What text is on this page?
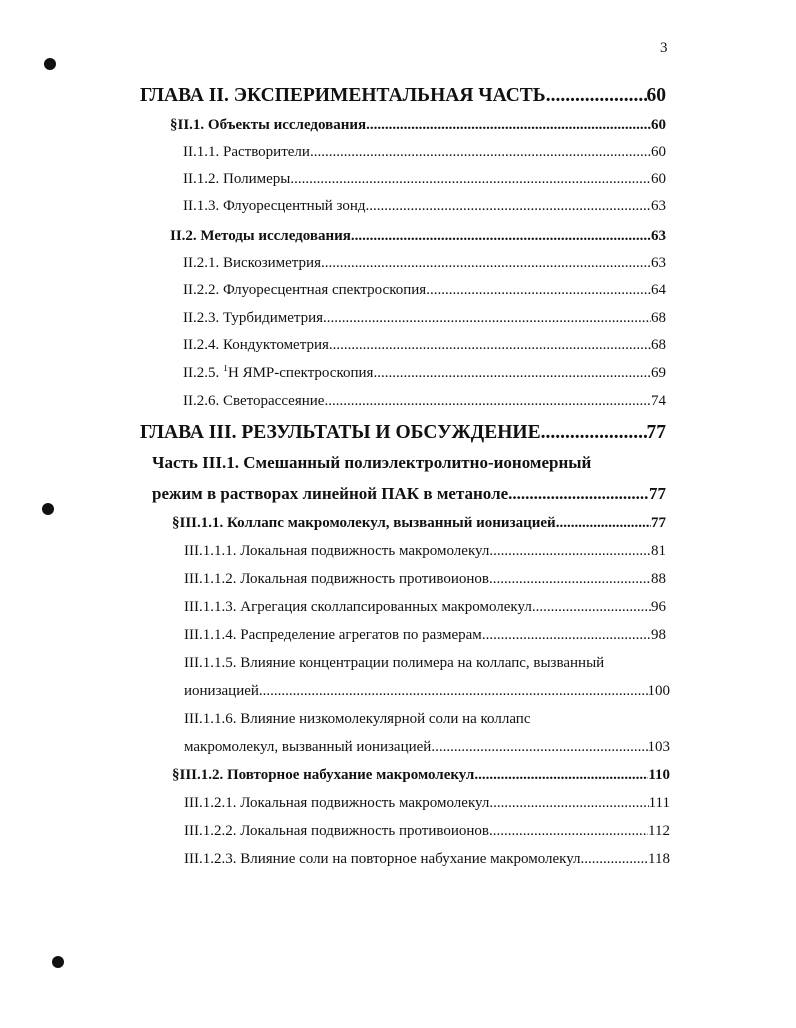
3
ГЛАВА II. ЭКСПЕРИМЕНТАЛЬНАЯ ЧАСТЬ .....	60
§II.1. Объекты исследования .....	60
II.1.1. Растворители .....	60
II.1.2. Полимеры .....	60
II.1.3. Флуоресцентный зонд .....	63
II.2. Методы исследования .....	63
II.2.1. Вискозиметрия .....	63
II.2.2. Флуоресцентная спектроскопия .....	64
II.2.3. Турбидиметрия .....	68
II.2.4. Кондуктометрия .....	68
II.2.5. $^1$Н ЯМР-спектроскопия .....	69
II.2.6. Светорассеяние .....	74
ГЛАВА III. РЕЗУЛЬТАТЫ И ОБСУЖДЕНИЕ .....	77
Часть III.1. Смешанный полиэлектролитно-иономерный
режим в растворах линейной ПАК в метаноле .....	77
§III.1.1. Коллапс макромолекул, вызванный ионизацией .....	77
III.1.1.1. Локальная подвижность макромолекул .....	81
III.1.1.2. Локальная подвижность противоионов .....	88
III.1.1.3. Агрегация сколлапсированных макромолекул .....	96
III.1.1.4. Распределение агрегатов по размерам .....	98
III.1.1.5. Влияние концентрации полимера на коллапс, вызванный
ионизацией .....	100
III.1.1.6. Влияние низкомолекулярной соли на коллапс
макромолекул, вызванный ионизацией .....	103
§III.1.2. Повторное набухание макромолекул .....	110
III.1.2.1. Локальная подвижность макромолекул .....	111
III.1.2.2. Локальная подвижность противоионов .....	112
III.1.2.3. Влияние соли на повторное набухание макромолекул .....	118
